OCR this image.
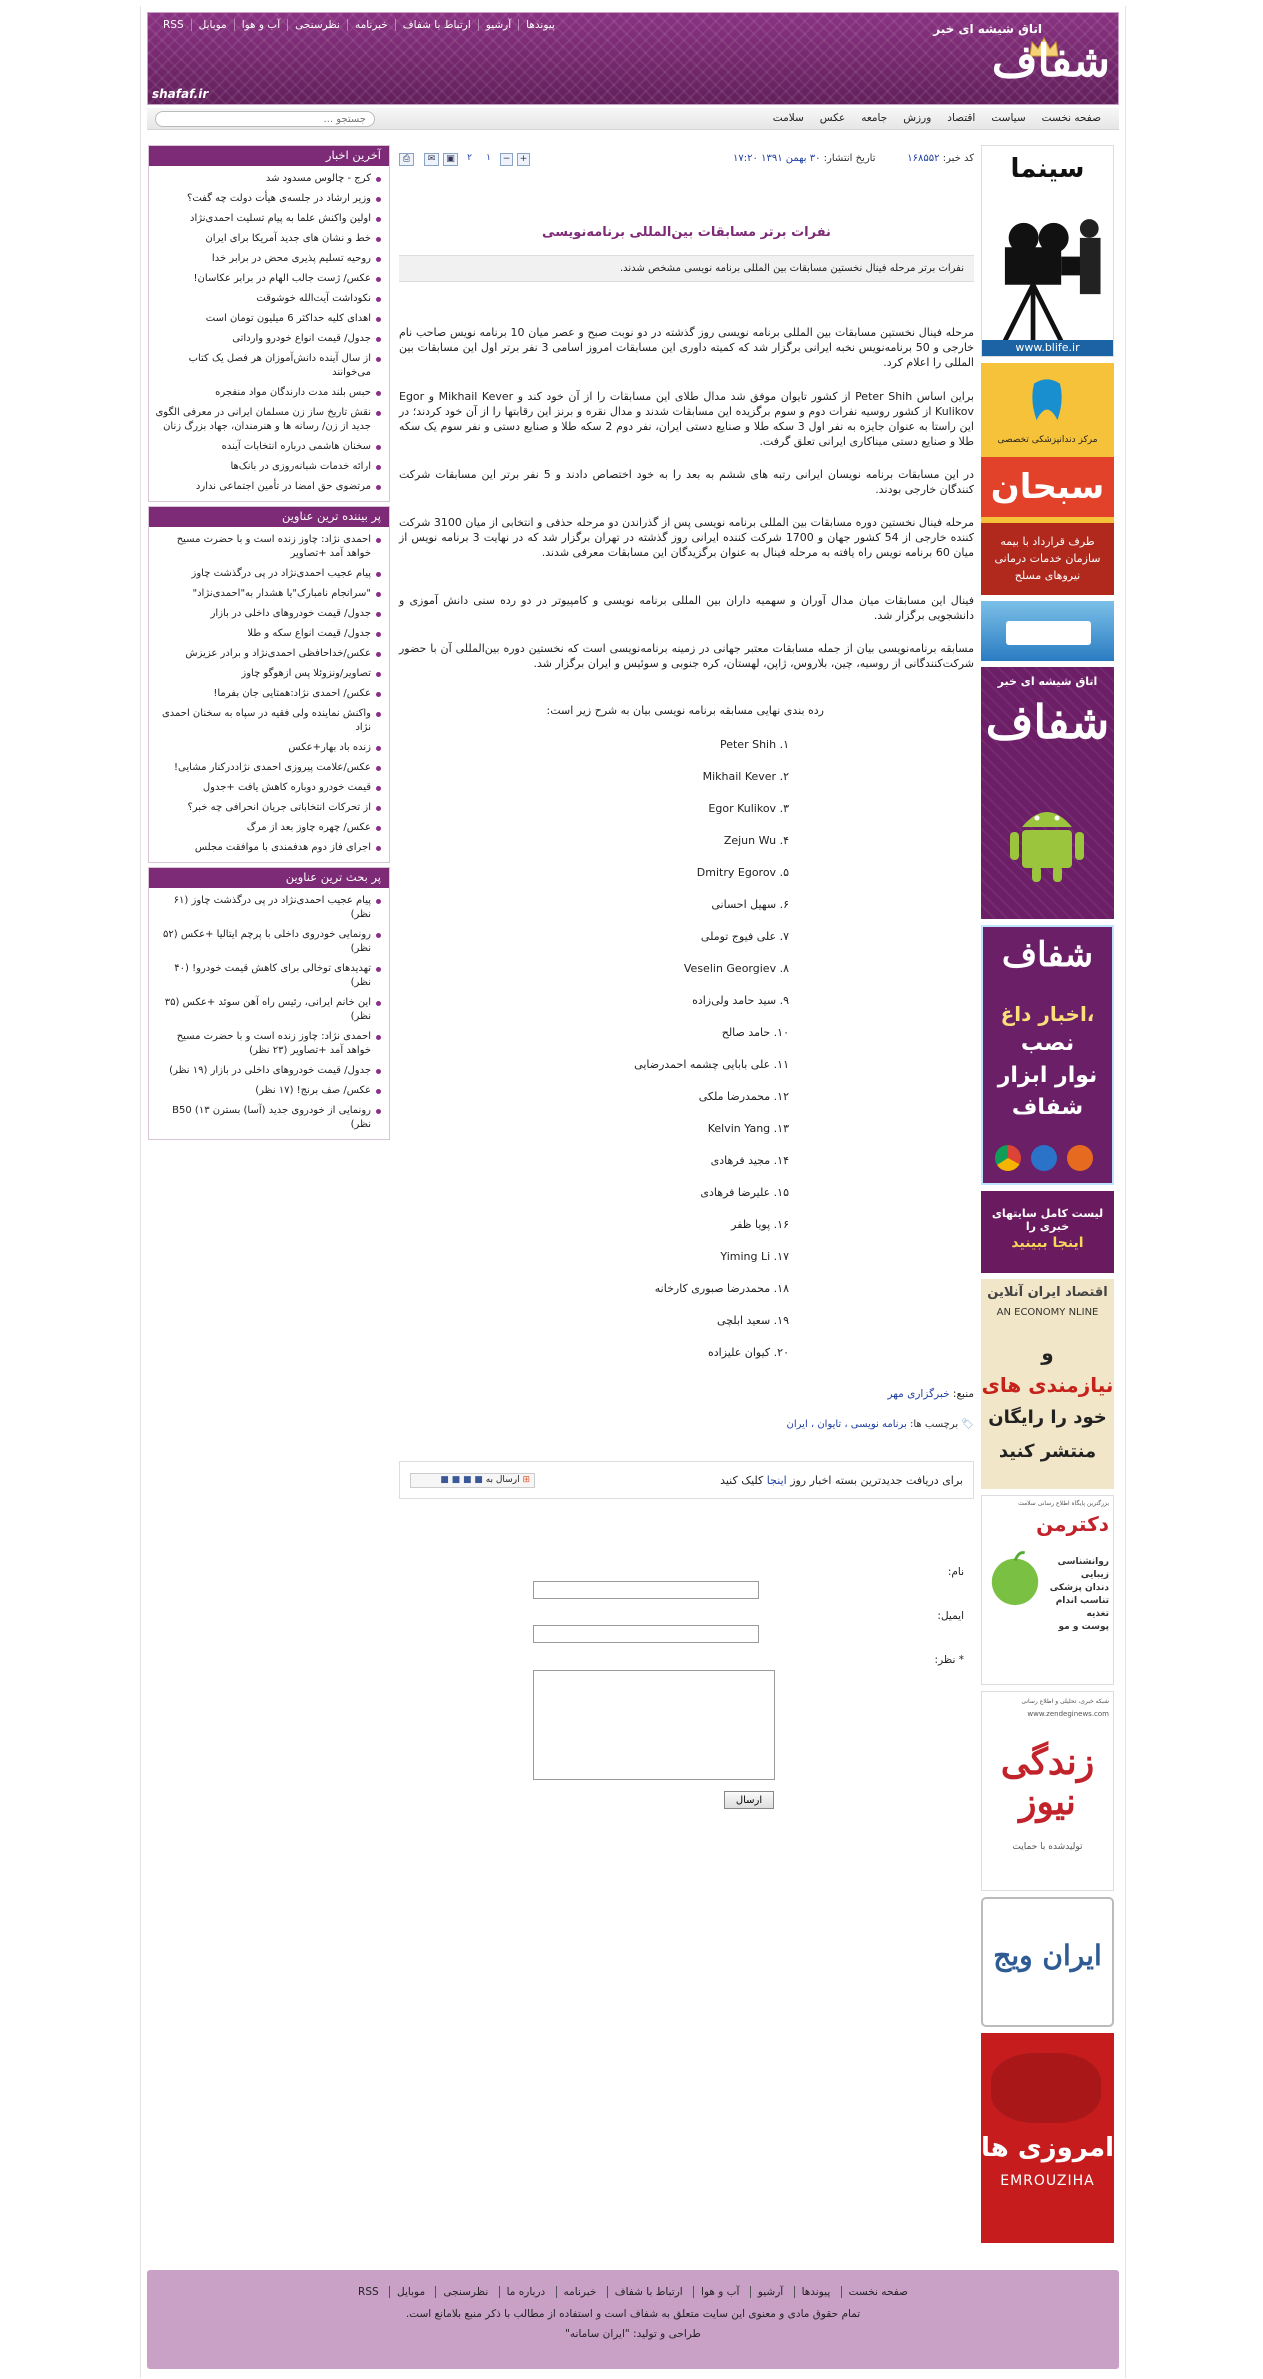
پیوندها
آرشیو
ارتباط با شفاف
خبرنامه
نظرسنجی
آب و هوا
موبایل
RSS	اتاق شیشه ای خبر
شفاف
shafaf.ir
صفحه نخست
سیاست
اقتصاد
ورزش
جامعه
عکس
سلامت
جستجو ...
آخرین اخبار
کرج - چالوس مسدود شد
وزیر ارشاد در جلسه‌ی هیأت دولت چه گفت؟
اولین واکنش علما به پیام تسلیت احمدی‌نژاد
خط و نشان های جدید آمریکا برای ایران
روحیه تسلیم پذیری محض در برابر خدا
عکس/ ژست جالب الهام در برابر عکاسان!
نکوداشت آیت‌الله خوشوقت
اهدای کلیه حداکثر 6 میلیون تومان است
جدول/ قیمت انواع خودرو وارداتی
از سال آینده دانش‌آموزان هر فصل یک کتاب می‌خوانند
حبس بلند مدت دارندگان مواد منفجره
نقش تاریخ ساز زن مسلمان ایرانی در معرفی الگوی جدید از زن/ رسانه ها و هنرمندان، جهاد بزرگ زنان
سخنان هاشمی درباره انتخابات آینده
ارائه خدمات شبانه‌روزی در بانک‌ها
مرتضوی حق امضا در تأمین اجتماعی ندارد
پر بیننده ترین عناوین
احمدی نژاد: چاوز زنده است و با حضرت مسیح خواهد آمد +تصاویر
پیام عجیب احمدی‌نژاد در پی درگذشت چاوز
"سرانجام نامبارک"یا هشدار به"احمدی‌نژاد"
جدول/ قیمت خودروهای داخلی در بازار
جدول/ قیمت انواع سکه و طلا
عکس/خداحافظی احمدی‌نژاد و برادر عزیزش
تصاویر/ونزوئلا پس ازهوگو چاوز
عکس/ احمدی نژاد:همتایی جان بفرما!
واکنش نماینده ولی فقیه در سپاه به سخنان احمدی نژاد
زنده باد بهار+عکس
عکس/علامت پیروزی احمدی نژاددرکنار مشایی!
قیمت خودرو دوباره کاهش یافت +جدول
از تحرکات انتخاباتی جریان انحرافی چه خبر؟
عکس/ چهره چاوز بعد از مرگ
اجرای فاز دوم هدفمندی با موافقت مجلس
پر بحث ترین عناوین
پیام عجیب احمدی‌نژاد در پی درگذشت چاوز (۶۱ نظر)
رونمایی خودروی داخلی با پرچم ایتالیا +عکس (۵۲ نظر)
تهدیدهای توخالی برای کاهش قیمت خودرو! (۴۰ نظر)
این خانم ایرانی، رئیس راه آهن سوئد +عکس (۳۵ نظر)
احمدی نژاد: چاوز زنده است و با حضرت مسیح خواهد آمد +تصاویر (۲۳ نظر)
جدول/ قیمت خودروهای داخلی در بازار (۱۹ نظر)
عکس/ صف برنج! (۱۷ نظر)
رونمایی از خودروی جدید (آسا) بسترن ۱۳) B50 نظر)
کد خبر: ۱۶۸۵۵۲          تاریخ انتشار: ۳۰ بهمن ۱۳۹۱ ۱۷:۲۰
⎙	✉	▣	۲	۱	−	+
نفرات برتر مسابقات بین‌المللی برنامه‌نویسی
نفرات برتر مرحله فینال نخستین مسابقات بین المللی برنامه نویسی مشخص شدند.

مرحله فینال نخستین مسابقات بین المللی برنامه نویسی روز گذشته در دو نوبت صبح و عصر میان 10 برنامه نویس صاحب نام خارجی و 50 برنامه‌نویس نخبه ایرانی برگزار شد که کمیته داوری این مسابقات امروز اسامی 3 نفر برتر اول این مسابقات بین المللی را اعلام کرد.

براین اساس Peter Shih از کشور تایوان موفق شد مدال طلای این مسابقات را از آن خود کند و Mikhail Kever و Egor Kulikov از کشور روسیه نفرات دوم و سوم برگزیده این مسابقات شدند و مدال نقره و برنز این رقابتها را از آن خود کردند؛ در این راستا به عنوان جایزه به نفر اول 3 سکه طلا و صنایع دستی ایران، نفر دوم 2 سکه طلا و صنایع دستی و نفر سوم یک سکه طلا و صنایع دستی میناکاری ایرانی تعلق گرفت.

در این مسابقات برنامه نویسان ایرانی رتبه های ششم به بعد را به خود اختصاص دادند و 5 نفر برتر این مسابقات شرکت کنندگان خارجی بودند.

مرحله فینال نخستین دوره مسابقات بین المللی برنامه نویسی پس از گذراندن دو مرحله حذفی و انتخابی از میان 3100 شرکت کننده خارجی از 54 کشور جهان و 1700 شرکت کننده ایرانی روز گذشته در تهران برگزار شد که در نهایت 3 برنامه نویس از میان 60 برنامه نویس راه یافته به مرحله فینال به عنوان برگزیدگان این مسابقات معرفی شدند.

فینال این مسابقات میان مدال آوران و سهمیه داران بین المللی برنامه نویسی و کامپیوتر در دو رده سنی دانش آموزی و دانشجویی برگزار شد.

مسابقه برنامه‌نویسی بیان از جمله مسابقات معتبر جهانی در زمینه برنامه‌نویسی است که نخستین دوره بین‌المللی آن با حضور شرکت‌کنندگانی از روسیه، چین، بلاروس، ژاپن، لهستان، کره جنوبی و سوئیس و ایران برگزار شد.

رده بندی نهایی مسابقه برنامه نویسی بیان به شرح زیر است:

۱. Peter Shih
۲. Mikhail Kever
۳. Egor Kulikov
۴. Zejun Wu
۵. Dmitry Egorov
۶. سهیل احسانی
۷. علی فیوج توملی
۸. Veselin Georgiev
۹. سید حامد ولی‌زاده
۱۰. حامد صالح
۱۱. علی بابایی چشمه احمدرضایی
۱۲. محمدرضا ملکی
۱۳. Kelvin Yang
۱۴. مجید فرهادی
۱۵. علیرضا فرهادی
۱۶. پویا ظفر
۱۷. Yiming Li
۱۸. محمدرضا صبوری کارخانه
۱۹. سعید ابلچی
۲۰. کیوان علیزاده
منبع: خبرگزاری مهر
🏷 برچسب ها: برنامه نویسی ، تایوان ، ایران
برای دریافت جدیدترین بسته اخبار روز اینجا کلیک کنید
⊞ ارسال به ■ ■ ■ ■
نام:
ایمیل:
* نظر:
ارسال
سینما
www.blife.ir
مرکز دندانپزشکی تخصصی
سبحان
طرف قرارداد با بیمه سازمان خدمات درمانی نیروهای مسلح
اتاق شیشه ای خبر
شفاف
شفاف
اخبار داغ،
نصب
نوار ابزار
شفاف
لیست کامل سایتهای خبری را
اینجا ببینید
اقتصاد ایران آنلاین
AN ECONOMY NLINE
و
نیازمندی های
خود را رایگان
منتشر کنید
بزرگترین پایگاه اطلاع رسانی سلامت
دکترمن
روانشناسی
زیبایی
دندان پزشکی
تناسب اندام
تغذیه
پوست و مو
شبکه خبری، تحلیلی و اطلاع رسانی
www.zendeginews.com
زندگی نیوز
تولیدشده با حمایت
ایران ویج
امروزی ها
EMROUZIHA
صفحه نخست پیوندها آرشیو آب و هوا ارتباط با شفاف خبرنامه درباره ما نظرسنجی موبایل RSS
تمام حقوق مادی و معنوی این سایت متعلق به شفاف است و استفاده از مطالب با ذکر منبع بلامانع است.
طراحی و تولید: "ایران سامانه"
